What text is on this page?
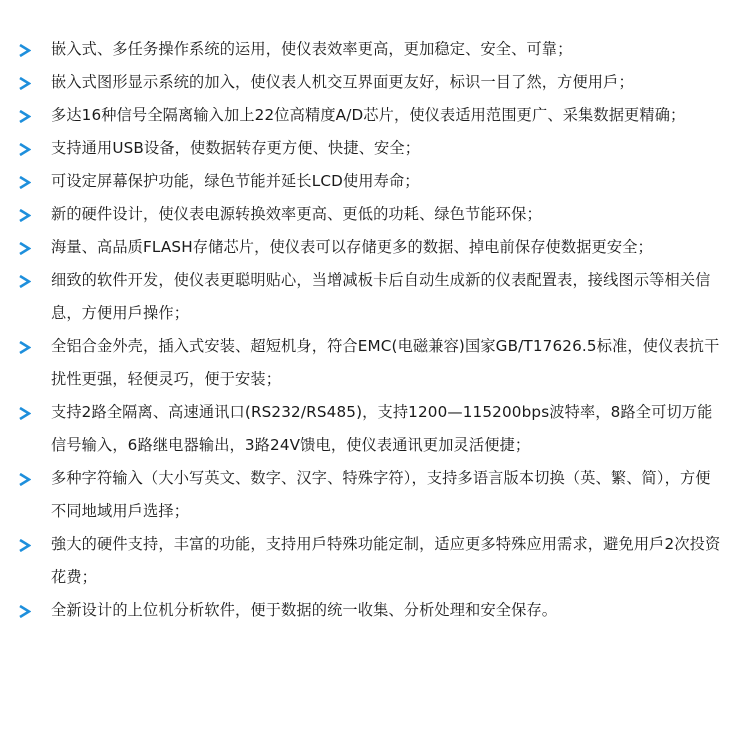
嵌入式、多任务操作系统的运用，使仪表效率更高，更加稳定、安全、可靠；
嵌入式图形显示系统的加入，使仪表人机交互界面更友好，标识一目了然，方便用戶；
多达16种信号全隔离输入加上22位高精度A/D芯片，使仪表适用范围更广、采集数据更精确；
支持通用USB设备，使数据转存更方便、快捷、安全；
可设定屏幕保护功能，绿色节能并延长LCD使用寿命；
新的硬件设计，使仪表电源转换效率更高、更低的功耗、绿色节能环保；
海量、高品质FLASH存储芯片，使仪表可以存储更多的数据、掉电前保存使数据更安全；
细致的软件开发，使仪表更聪明贴心，当增减板卡后自动生成新的仪表配置表，接线图示等相关信息，方便用戶操作；
全铝合金外壳，插入式安装、超短机身，符合EMC(电磁兼容)国家GB/T17626.5标准，使仪表抗干扰性更强，轻便灵巧，便于安装；
支持2路全隔离、高速通讯口(RS232/RS485)，支持1200—115200bps波特率，8路全可切万能信号输入，6路继电器输出，3路24V馈电，使仪表通讯更加灵活便捷；
多种字符输入（大小写英文、数字、汉字、特殊字符），支持多语言版本切换（英、繁、简），方便不同地域用戶选择；
強大的硬件支持，丰富的功能，支持用戶特殊功能定制，适应更多特殊应用需求，避免用戶2次投资花费；
全新设计的上位机分析软件，便于数据的统一收集、分析处理和安全保存。
